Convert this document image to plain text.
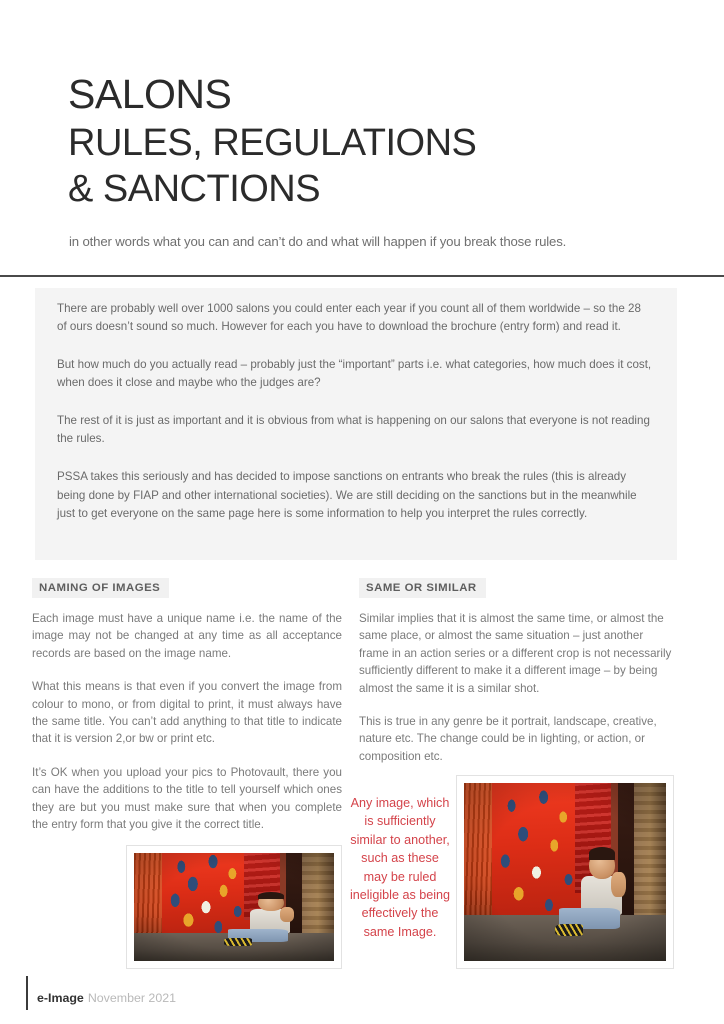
SALONS
RULES, REGULATIONS
& SANCTIONS
in other words what you can and can’t do and what will happen if you break those rules.

There are probably well over 1000 salons you could enter each year if you count all of them worldwide – so the 28 of ours doesn’t sound so much. However for each you have to download the brochure (entry form) and read it.

But how much do you actually read – probably just the “important” parts i.e. what categories, how much does it cost, when does it close and maybe who the judges are?

The rest of it is just as important and it is obvious from what is happening on our salons that everyone is not reading the rules.

PSSA takes this seriously and has decided to impose sanctions on entrants who break the rules (this is already being done by FIAP and other international societies). We are still deciding on the sanctions but in the meanwhile just to get everyone on the same page here is some information to help you interpret the rules correctly.

NAMING OF IMAGES

Each image must have a unique name i.e. the name of the image may not be changed at any time as all acceptance records are based on the image name.

What this means is that even if you convert the image from colour to mono, or from digital to print, it must always have the same title. You can’t add anything to that title to indicate that it is version 2,or bw or print etc.

It’s OK when you upload your pics to Photovault, there you can have the additions to the title to tell yourself which ones they are but you must make sure that when you complete the entry form that you give it the correct title.

SAME OR SIMILAR

Similar implies that it is almost the same time, or almost the same place, or almost the same situation – just another frame in an action series or a different crop is not necessarily sufficiently different to make it a different image – by being almost the same it is a similar shot.

This is true in any genre be it portrait, landscape, creative, nature etc. The change could be in lighting, or action, or composition etc.

Any image, which is sufficiently similar to another, such as these may be ruled ineligible as being effectively the same Image.
e-Image November 2021
